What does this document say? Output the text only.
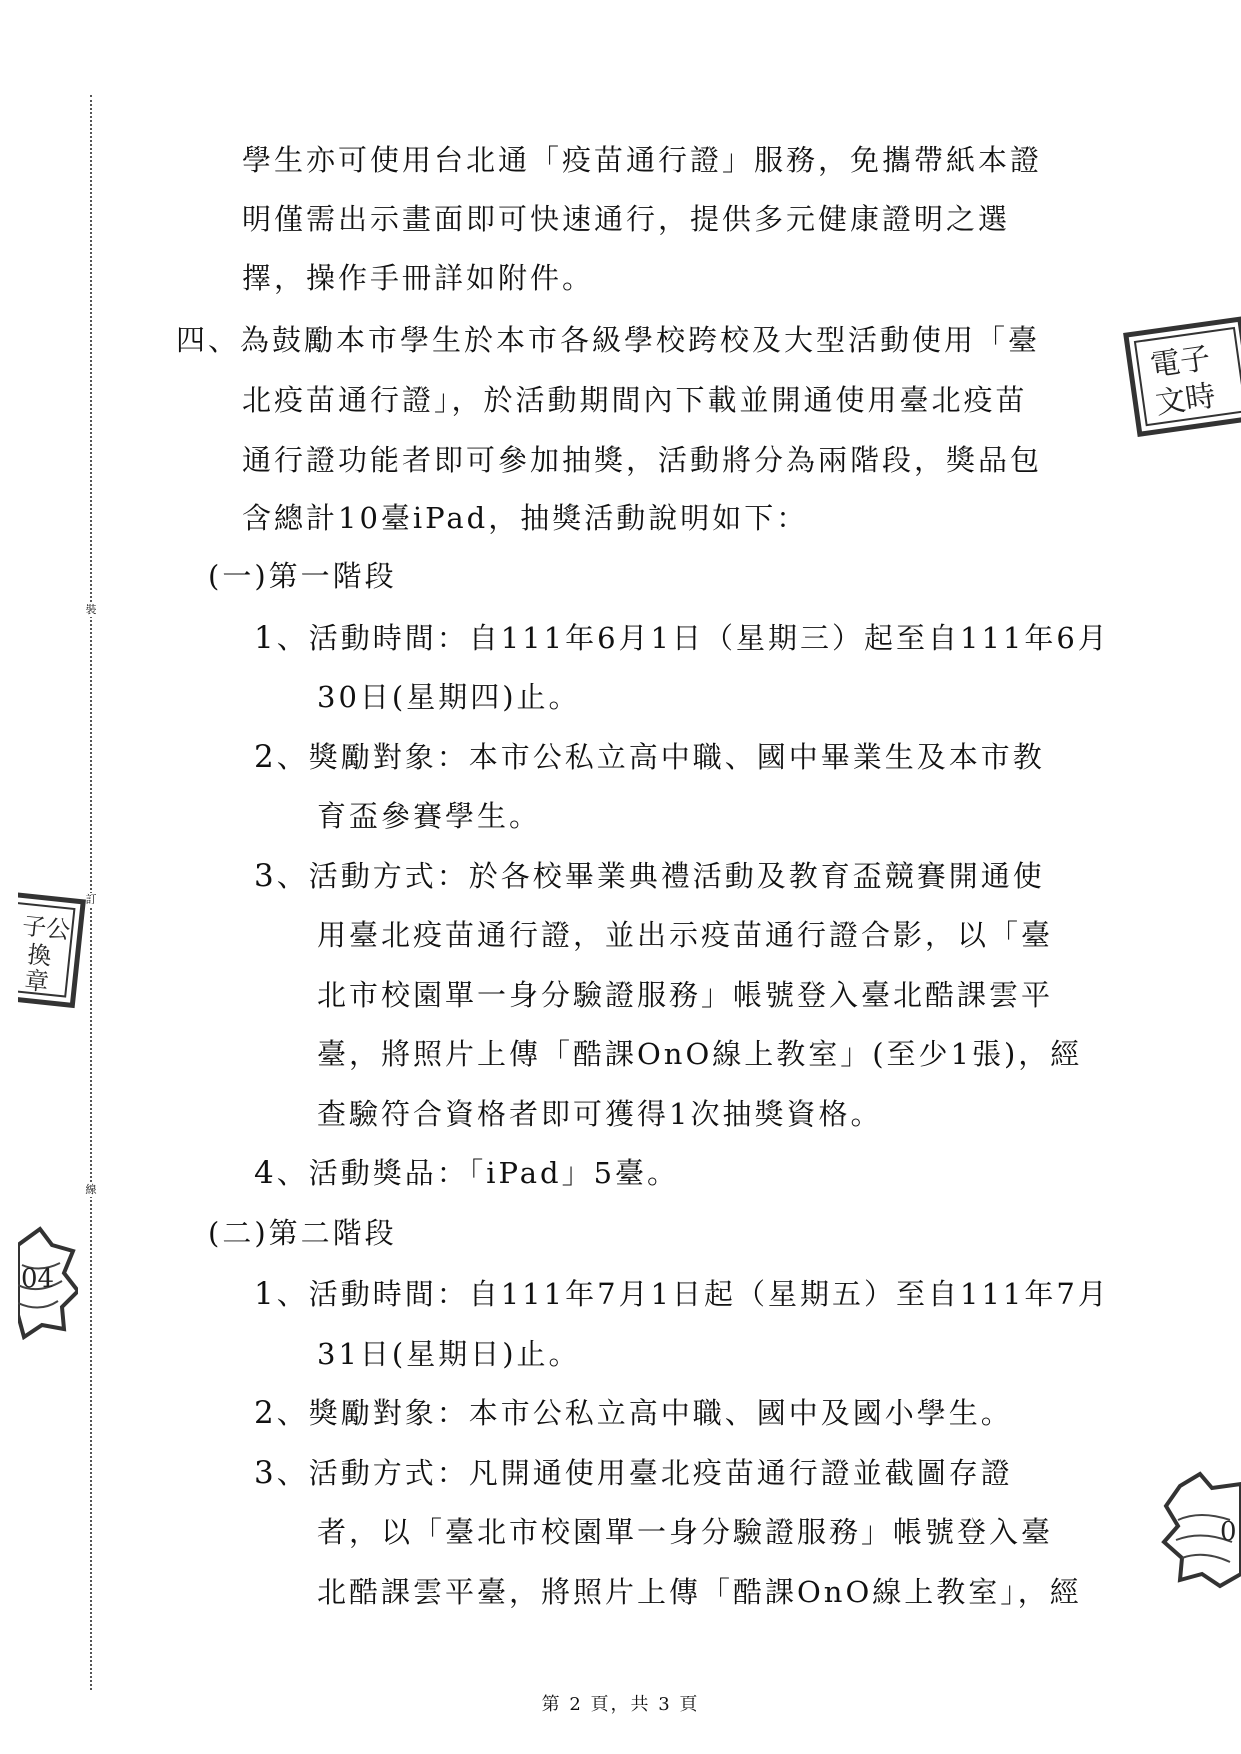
裝
訂
線
電子
文時
子公
換
章
04
0
學生亦可使用台北通「疫苗通行證」服務，免攜帶紙本證
明僅需出示畫面即可快速通行，提供多元健康證明之選
擇，操作手冊詳如附件。
四、為鼓勵本市學生於本市各級學校跨校及大型活動使用「臺
北疫苗通行證」，於活動期間內下載並開通使用臺北疫苗
通行證功能者即可參加抽獎，活動將分為兩階段，獎品包
含總計10臺iPad，抽獎活動說明如下：
(一)第一階段
1、活動時間：自111年6月1日（星期三）起至自111年6月
30日(星期四)止。
2、獎勵對象：本市公私立高中職、國中畢業生及本市教
育盃參賽學生。
3、活動方式：於各校畢業典禮活動及教育盃競賽開通使
用臺北疫苗通行證，並出示疫苗通行證合影，以「臺
北市校園單一身分驗證服務」帳號登入臺北酷課雲平
臺，將照片上傳「酷課OnO線上教室」(至少1張)，經
查驗符合資格者即可獲得1次抽獎資格。
4、活動獎品：「iPad」5臺。
(二)第二階段
1、活動時間：自111年7月1日起（星期五）至自111年7月
31日(星期日)止。
2、獎勵對象：本市公私立高中職、國中及國小學生。
3、活動方式：凡開通使用臺北疫苗通行證並截圖存證
者，以「臺北市校園單一身分驗證服務」帳號登入臺
北酷課雲平臺，將照片上傳「酷課OnO線上教室」，經
第 2 頁，共 3 頁
